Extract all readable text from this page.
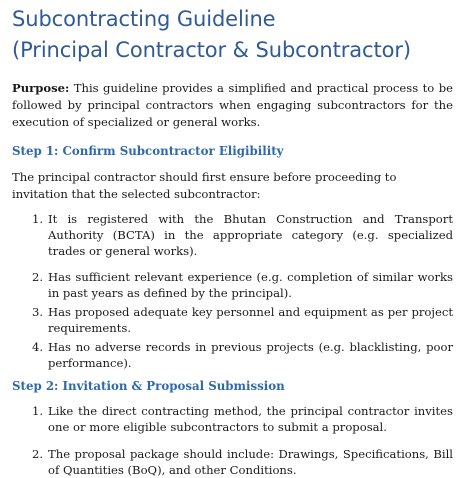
Subcontracting Guideline
(Principal Contractor & Subcontractor)

Purpose: This guideline provides a simplified and practical process to be followed by principal contractors when engaging subcontractors for the execution of specialized or general works.

Step 1: Confirm Subcontractor Eligibility
The principal contractor should first ensure before proceeding to invitation that the selected subcontractor:
1. It is registered with the Bhutan Construction and Transport Authority (BCTA) in the appropriate category (e.g. specialized trades or general works).
2. Has sufficient relevant experience (e.g. completion of similar works in past years as defined by the principal).
3. Has proposed adequate key personnel and equipment as per project requirements.
4. Has no adverse records in previous projects (e.g. blacklisting, poor performance).
Step 2: Invitation & Proposal Submission
1. Like the direct contracting method, the principal contractor invites one or more eligible subcontractors to submit a proposal.
2. The proposal package should include: Drawings, Specifications, Bill of Quantities (BoQ), and other Conditions.
